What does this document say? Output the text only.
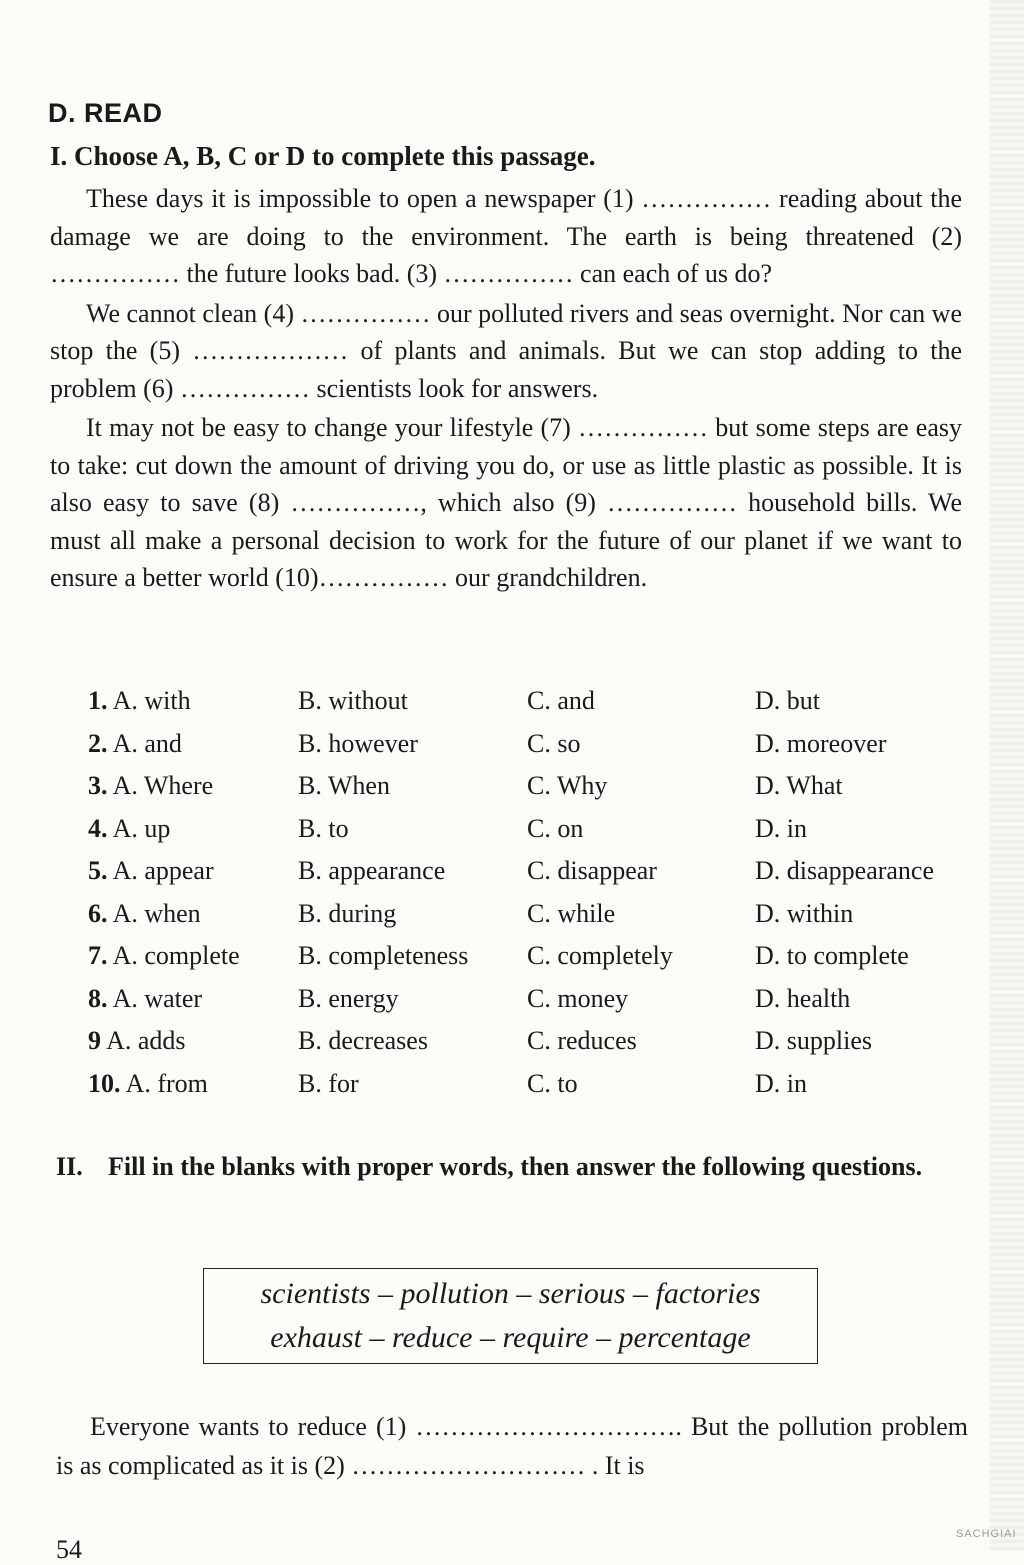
D. READ
I. Choose A, B, C or D to complete this passage.

These days it is impossible to open a newspaper (1) …………… reading about the damage we are doing to the environment. The earth is being threatened (2) …………… the future looks bad. (3) …………… can each of us do?

We cannot clean (4) …………… our polluted rivers and seas overnight. Nor can we stop the (5) ……………… of plants and animals. But we can stop adding to the problem (6) …………… scientists look for answers.

It may not be easy to change your lifestyle (7) …………… but some steps are easy to take: cut down the amount of driving you do, or use as little plastic as possible. It is also easy to save (8) ……………, which also (9) …………… household bills. We must all make a personal decision to work for the future of our planet if we want to ensure a better world (10)…………… our grandchildren.

1. A. with	B. without	C. and	D. but
2. A. and	B. however	C. so	D. moreover
3. A. Where	B. When	C. Why	D. What
4. A. up	B. to	C. on	D. in
5. A. appear	B. appearance	C. disappear	D. disappearance
6. A. when	B. during	C. while	D. within
7. A. complete	B. completeness	C. completely	D. to complete
8. A. water	B. energy	C. money	D. health
9 A. adds	B. decreases	C. reduces	D. supplies
10. A. from	B. for	C. to	D. in
II. Fill in the blanks with proper words, then answer the following questions.
scientists – pollution – serious – factories
exhaust – reduce – require – percentage

Everyone wants to reduce (1) …………………………. But the pollution problem is as complicated as it is (2) ……………………… . It is

54
SACHGIAI
